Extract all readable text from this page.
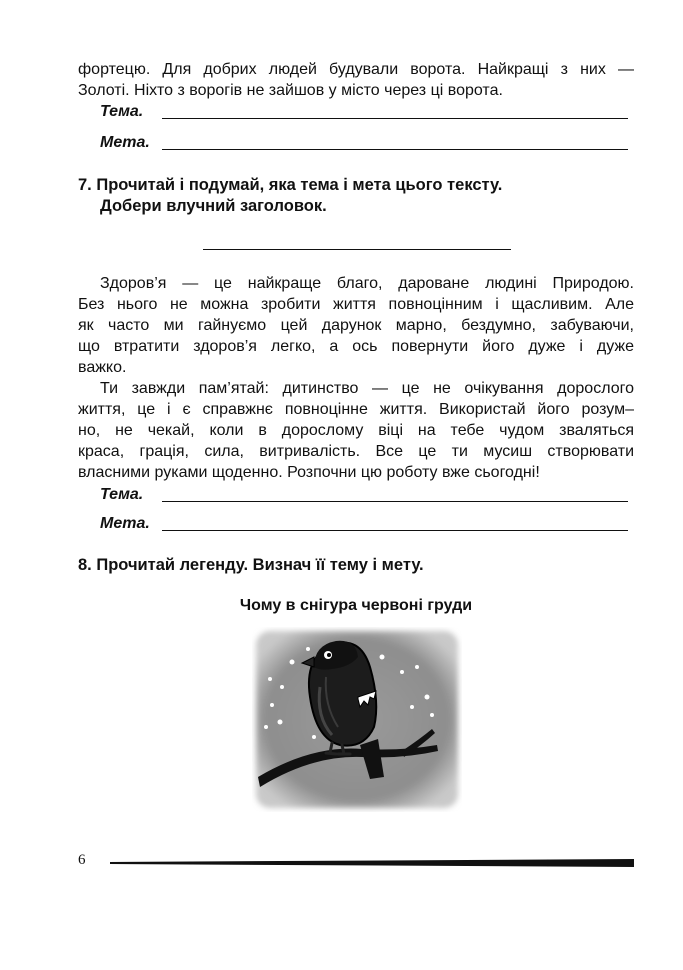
фортецю. Для добрих людей будували ворота. Найкращі з них —
Золоті. Ніхто з ворогів не зайшов у місто через ці ворота.
Тема.
Мета.
7. Прочитай і подумай, яка тема і мета цього тексту.
Добери влучний заголовок.
Здоров’я — це найкраще благо, дароване людині Природою.
Без нього не можна зробити життя повноцінним і щасливим. Але
як часто ми гайнуємо цей дарунок марно, бездумно, забуваючи,
що втратити здоров’я легко, а ось повернути його дуже і дуже
важко.
Ти завжди пам’ятай: дитинство — це не очікування дорослого
життя, це і є справжнє повноцінне життя. Використай його розум–
но, не чекай, коли в дорослому віці на тебе чудом зваляться
краса, грація, сила, витривалість. Все це ти мусиш створювати
власними руками щоденно. Розпочни цю роботу вже сьогодні!
Тема.
Мета.
8. Прочитай легенду. Визнач її тему і мету.
Чому в снігура червоні груди
6
